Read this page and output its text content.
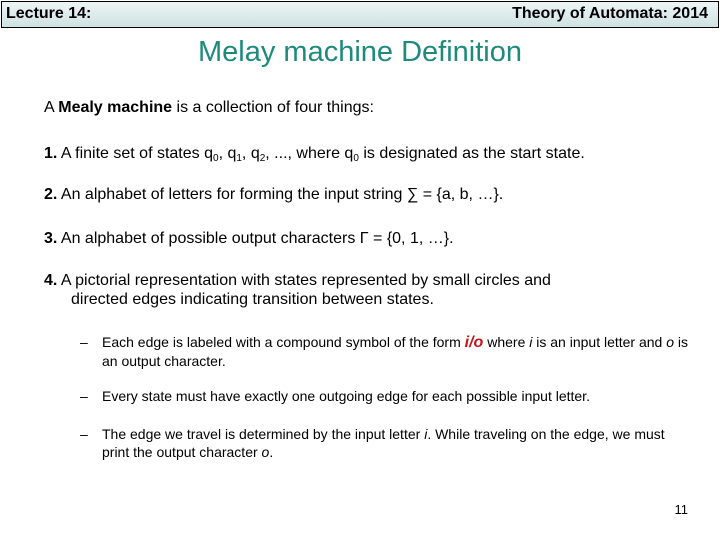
Lecture 14:	Theory of Automata: 2014
Melay machine Definition
A Mealy machine is a collection of four things:
1. A finite set of states $q_0$, $q_1$, $q_2$, ..., where $q_0$ is designated as the start state.
2. An alphabet of letters for forming the input string ∑ = {a, b, …}.
3. An alphabet of possible output characters Γ = {0, 1, …}.
4. A pictorial representation with states represented by small circles and
directed edges indicating transition between states.
– Each edge is labeled with a compound symbol of the form i/o where i is an input letter and o is an output character.
– Every state must have exactly one outgoing edge for each possible input letter.
– The edge we travel is determined by the input letter i. While traveling on the edge, we must print the output character o.
11
